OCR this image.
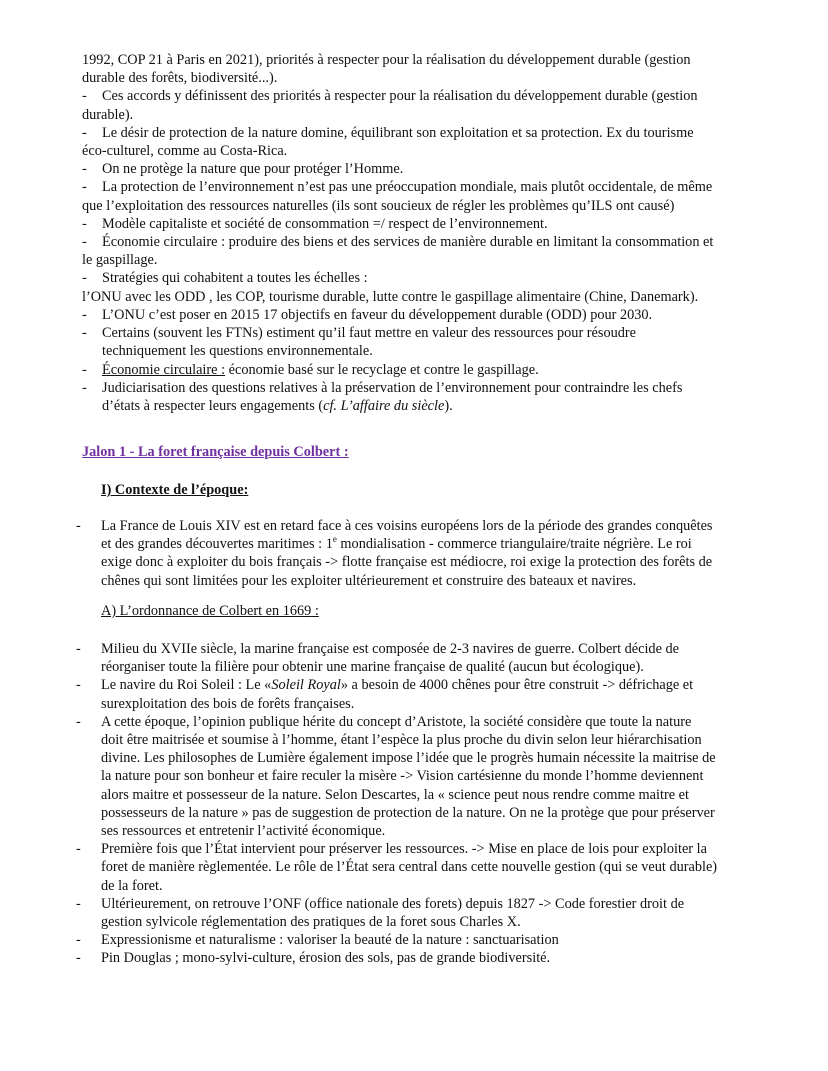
1992, COP 21 à Paris en 2021), priorités à respecter pour la réalisation du développement durable (gestion
durable des forêts, biodiversité...).
- Ces accords y définissent des priorités à respecter pour la réalisation du développement durable (gestion
durable).
- Le désir de protection de la nature domine, équilibrant son exploitation et sa protection. Ex du tourisme
éco-culturel, comme au Costa-Rica.
- On ne protège la nature que pour protéger l’Homme.
- La protection de l’environnement n’est pas une préoccupation mondiale, mais plutôt occidentale, de même
que l’exploitation des ressources naturelles (ils sont soucieux de régler les problèmes qu’ILS ont causé)
- Modèle capitaliste et société de consommation =/ respect de l’environnement.
- Économie circulaire : produire des biens et des services de manière durable en limitant la consommation et
le gaspillage.
- Stratégies qui cohabitent a toutes les échelles :
l’ONU avec les ODD , les COP, tourisme durable, lutte contre le gaspillage alimentaire (Chine, Danemark).
- L’ONU c’est poser en 2015 17 objectifs en faveur du développement durable (ODD) pour 2030.
- Certains (souvent les FTNs) estiment qu’il faut mettre en valeur des ressources pour résoudre
techniquement les questions environnementale.
- Économie circulaire : économie basé sur le recyclage et contre le gaspillage.
- Judiciarisation des questions relatives à la préservation de l’environnement pour contraindre les chefs
d’états à respecter leurs engagements (cf. L’affaire du siècle).
Jalon 1 - La foret française depuis Colbert :
I) Contexte de l’époque:
- La France de Louis XIV est en retard face à ces voisins européens lors de la période des grandes conquêtes
et des grandes découvertes maritimes : 1e mondialisation - commerce triangulaire/traite négrière. Le roi
exige donc à exploiter du bois français -> flotte française est médiocre, roi exige la protection des forêts de
chênes qui sont limitées pour les exploiter ultérieurement et construire des bateaux et navires.
A) L’ordonnance de Colbert en 1669 :
- Milieu du XVIIe siècle, la marine française est composée de 2-3 navires de guerre. Colbert décide de
réorganiser toute la filière pour obtenir une marine française de qualité (aucun but écologique).
- Le navire du Roi Soleil : Le «Soleil Royal» a besoin de 4000 chênes pour être construit -> défrichage et
surexploitation des bois de forêts françaises.
- A cette époque, l’opinion publique hérite du concept d’Aristote, la société considère que toute la nature
doit être maitrisée et soumise à l’homme, étant l’espèce la plus proche du divin selon leur hiérarchisation
divine. Les philosophes de Lumière également impose l’idée que le progrès humain nécessite la maitrise de
la nature pour son bonheur et faire reculer la misère -> Vision cartésienne du monde l’homme deviennent
alors maitre et possesseur de la nature. Selon Descartes, la « science peut nous rendre comme maitre et
possesseurs de la nature » pas de suggestion de protection de la nature. On ne la protège que pour préserver
ses ressources et entretenir l’activité économique.
- Première fois que l’État intervient pour préserver les ressources. -> Mise en place de lois pour exploiter la
foret de manière règlementée. Le rôle de l’État sera central dans cette nouvelle gestion (qui se veut durable)
de la foret.
- Ultérieurement, on retrouve l’ONF (office nationale des forets) depuis 1827 -> Code forestier droit de
gestion sylvicole réglementation des pratiques de la foret sous Charles X.
- Expressionisme et naturalisme : valoriser la beauté de la nature : sanctuarisation
- Pin Douglas ; mono-sylvi-culture, érosion des sols, pas de grande biodiversité.
